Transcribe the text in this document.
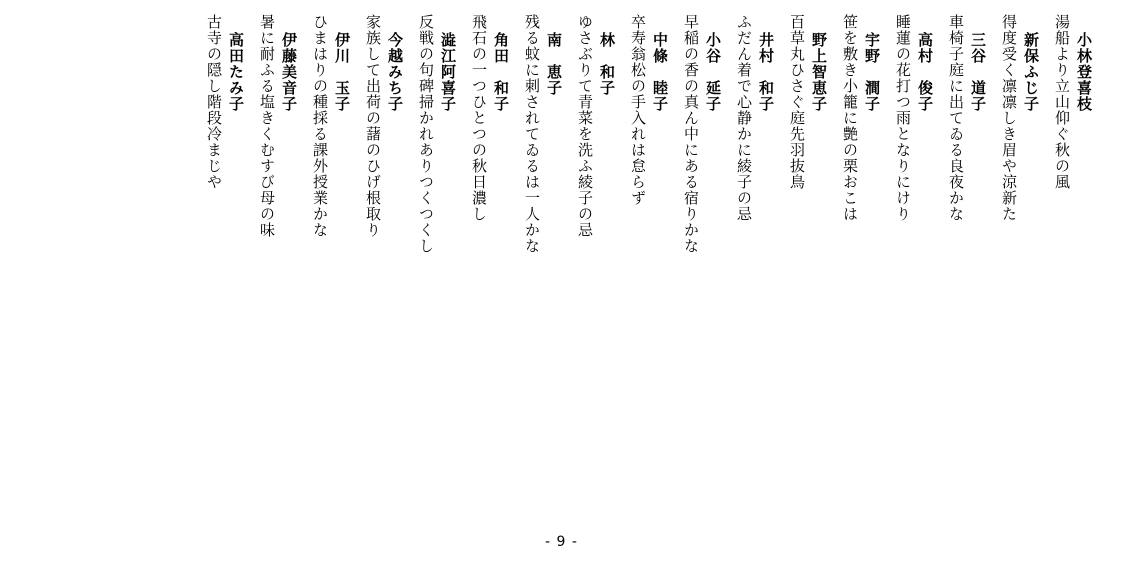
小林登喜枝
湯船より立山仰ぐ秋の風
新保ふじ子
得度受く凛凛しき眉や涼新た
三谷　道子
車椅子庭に出てゐる良夜かな
高村　俊子
睡蓮の花打つ雨となりにけり
宇野　澗子
笹を敷き小籠に艶の栗おこは
野上智恵子
百草丸ひさぐ庭先羽抜鳥
井村　和子
ふだん着で心静かに綾子の忌
小谷　延子
早稲の香の真ん中にある宿りかな
中條　睦子
卒寿翁松の手入れは怠らず
林　和子
ゆさぶりて青菜を洗ふ綾子の忌
南　恵子
残る蚊に刺されてゐるは一人かな
角田　和子
飛石の一つひとつの秋日濃し
澁江阿喜子
反戦の句碑掃かれありつくつくし
今越みち子
家族して出荷の藷のひげ根取り
伊川　玉子
ひまはりの種採る課外授業かな
伊藤美音子
暑に耐ふる塩きくむすび母の味
高田たみ子
古寺の隠し階段冷まじや
- 9 -
